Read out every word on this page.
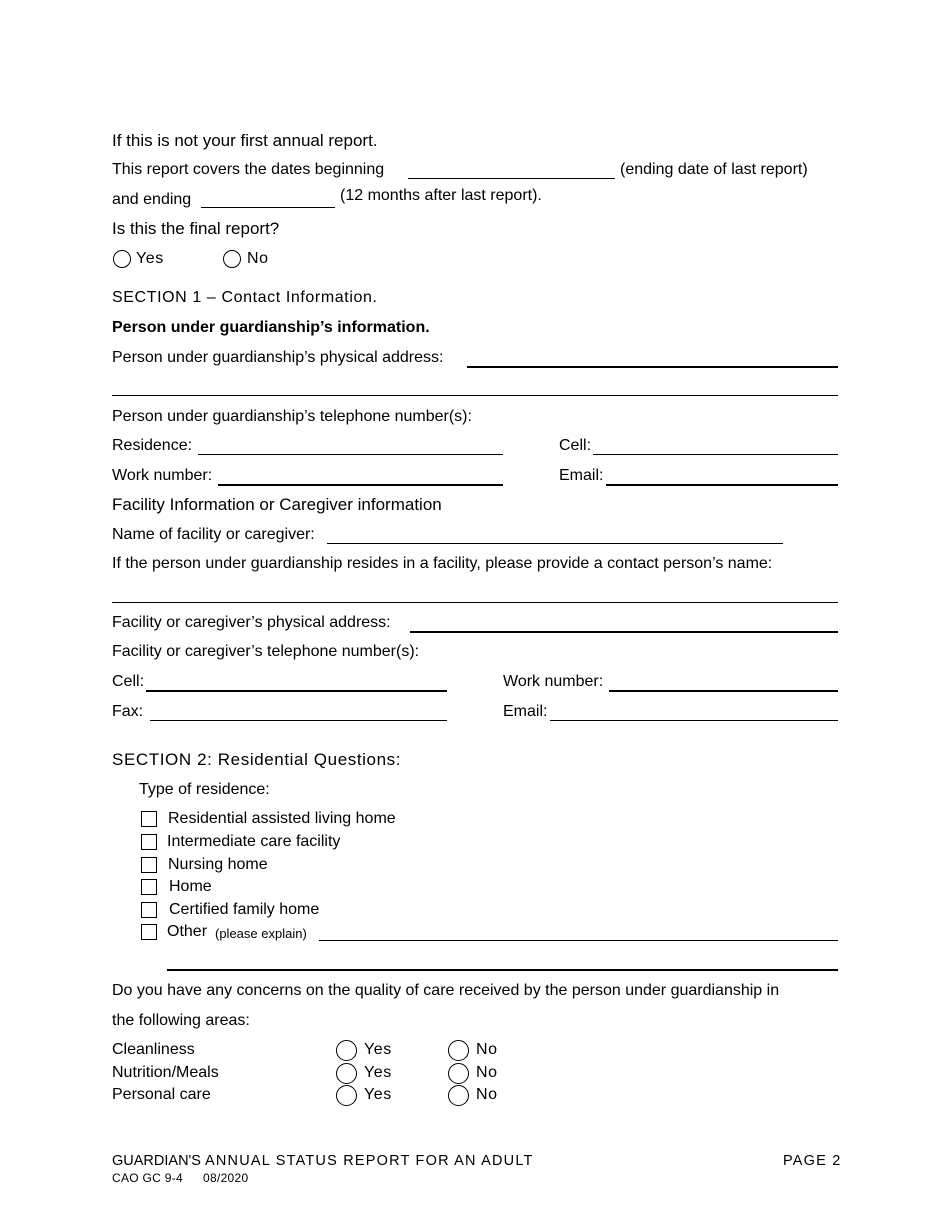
If this is not your first annual report.
This report covers the dates beginning	(ending date of last report)
and ending	(12 months after last report).
Is this the final report?
Yes	No
SECTION 1 – Contact Information.
Person under guardianship’s information.
Person under guardianship’s physical address:
Person under guardianship’s telephone number(s):
Residence:	Cell:
Work number:	Email:
Facility Information or Caregiver information
Name of facility or caregiver:
If the person under guardianship resides in a facility, please provide a contact person’s name:
Facility or caregiver’s physical address:
Facility or caregiver’s telephone number(s):
Cell:	Work number:
Fax:	Email:
SECTION 2: Residential Questions:
Type of residence:
Residential assisted living home
Intermediate care facility
Nursing home
Home
Certified family home
Other (please explain)
Do you have any concerns on the quality of care received by the person under guardianship in
the following areas:
Cleanliness	Yes	No
Nutrition/Meals	Yes	No
Personal care	Yes	No
GUARDIAN'S ANNUAL STATUS REPORT FOR AN ADULT	PAGE 2
CAO GC 9-4 08/2020
